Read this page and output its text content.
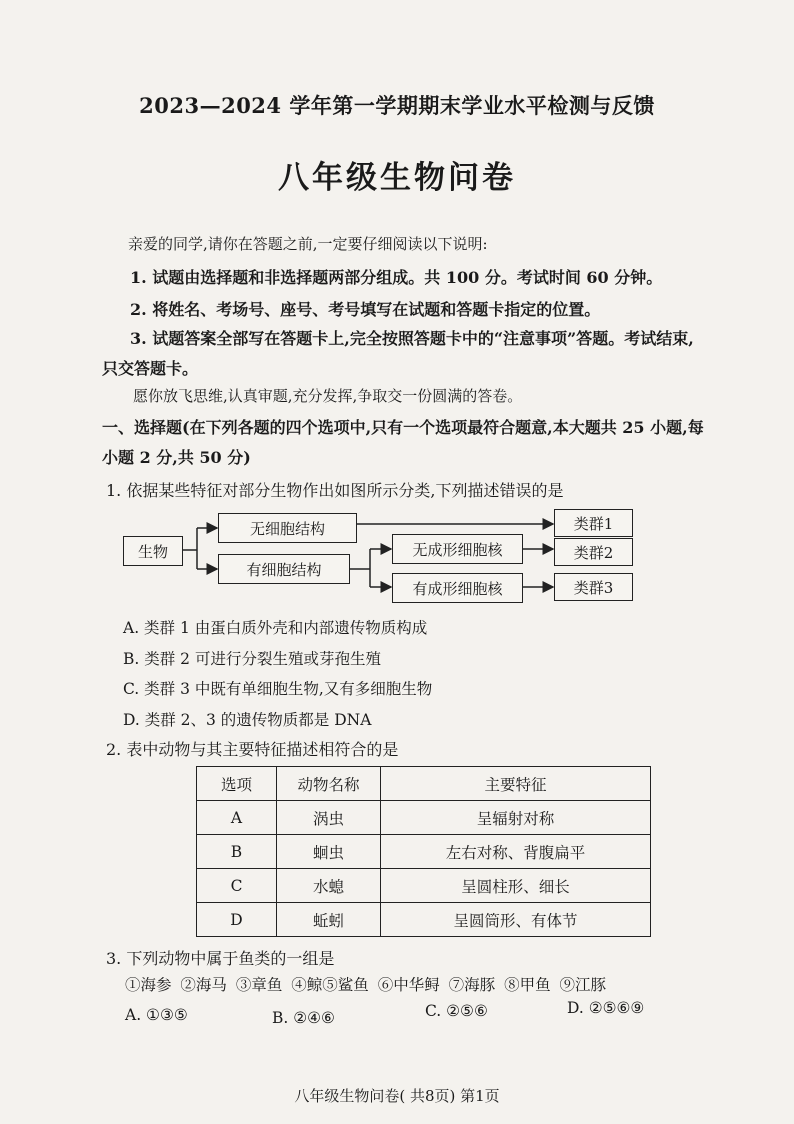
2023—2024 学年第一学期期末学业水平检测与反馈
八年级生物问卷
亲爱的同学,请你在答题之前,一定要仔细阅读以下说明:
1. 试题由选择题和非选择题两部分组成。共 100 分。考试时间 60 分钟。
2. 将姓名、考场号、座号、考号填写在试题和答题卡指定的位置。
3. 试题答案全部写在答题卡上,完全按照答题卡中的“注意事项”答题。考试结束,
只交答题卡。
愿你放飞思维,认真审题,充分发挥,争取交一份圆满的答卷。
一、选择题(在下列各题的四个选项中,只有一个选项最符合题意,本大题共 25 小题,每
小题 2 分,共 50 分)
1. 依据某些特征对部分生物作出如图所示分类,下列描述错误的是
生物
无细胞结构
有细胞结构
无成形细胞核
有成形细胞核
类群1
类群2
类群3
A. 类群 1 由蛋白质外壳和内部遗传物质构成
B. 类群 2 可进行分裂生殖或芽孢生殖
C. 类群 3 中既有单细胞生物,又有多细胞生物
D. 类群 2、3 的遗传物质都是 DNA
2. 表中动物与其主要特征描述相符合的是
选项	动物名称	主要特征
A	涡虫	呈辐射对称
B	蛔虫	左右对称、背腹扁平
C	水螅	呈圆柱形、细长
D	蚯蚓	呈圆筒形、有体节
3. 下列动物中属于鱼类的一组是
①海参 ②海马 ③章鱼 ④鲸⑤鲨鱼 ⑥中华鲟 ⑦海豚 ⑧甲鱼 ⑨江豚
A. ①③⑤	B. ②④⑥	C. ②⑤⑥	D. ②⑤⑥⑨
八年级生物问卷( 共8页) 第1页
